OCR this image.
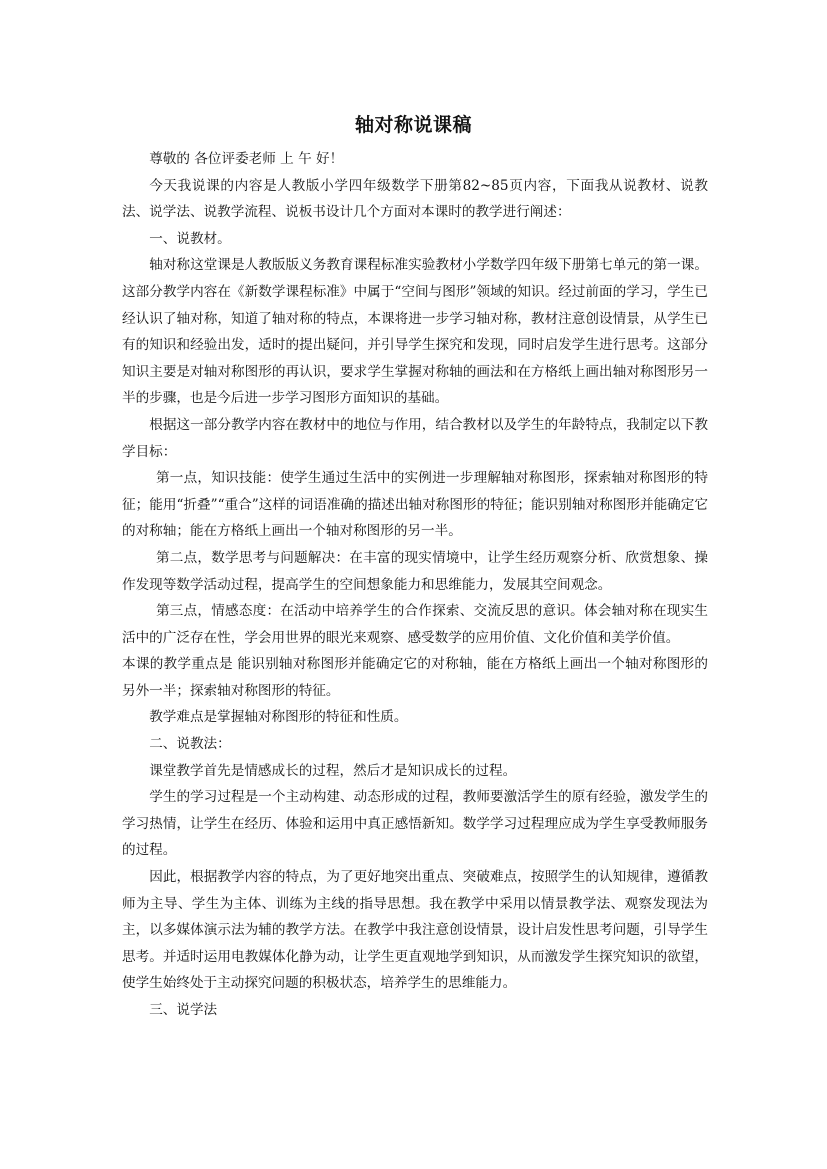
轴对称说课稿

尊敬的 各位评委老师 上 午 好！

今天我说课的内容是人教版小学四年级数学下册第82~85页内容，下面我从说教材、说教法、说学法、说教学流程、说板书设计几个方面对本课时的教学进行阐述：

一、说教材。

轴对称这堂课是人教版版义务教育课程标准实验教材小学数学四年级下册第七单元的第一课。这部分教学内容在《新数学课程标准》中属于“空间与图形”领域的知识。经过前面的学习，学生已经认识了轴对称，知道了轴对称的特点，本课将进一步学习轴对称，教材注意创设情景，从学生已有的知识和经验出发，适时的提出疑问，并引导学生探究和发现，同时启发学生进行思考。这部分知识主要是对轴对称图形的再认识，要求学生掌握对称轴的画法和在方格纸上画出轴对称图形另一半的步骤，也是今后进一步学习图形方面知识的基础。

根据这一部分教学内容在教材中的地位与作用，结合教材以及学生的年龄特点，我制定以下教学目标：

第一点，知识技能：使学生通过生活中的实例进一步理解轴对称图形，探索轴对称图形的特征；能用“折叠”“重合”这样的词语准确的描述出轴对称图形的特征；能识别轴对称图形并能确定它的对称轴；能在方格纸上画出一个轴对称图形的另一半。

第二点，数学思考与问题解决：在丰富的现实情境中，让学生经历观察分析、欣赏想象、操作发现等数学活动过程，提高学生的空间想象能力和思维能力，发展其空间观念。

第三点，情感态度：在活动中培养学生的合作探索、交流反思的意识。体会轴对称在现实生活中的广泛存在性，学会用世界的眼光来观察、感受数学的应用价值、文化价值和美学价值。

本课的教学重点是 能识别轴对称图形并能确定它的对称轴，能在方格纸上画出一个轴对称图形的另外一半；探索轴对称图形的特征。

教学难点是掌握轴对称图形的特征和性质。

二、说教法：

课堂教学首先是情感成长的过程，然后才是知识成长的过程。

学生的学习过程是一个主动构建、动态形成的过程，教师要激活学生的原有经验，激发学生的学习热情，让学生在经历、体验和运用中真正感悟新知。数学学习过程理应成为学生享受教师服务的过程。

因此，根据教学内容的特点，为了更好地突出重点、突破难点，按照学生的认知规律，遵循教师为主导、学生为主体、训练为主线的指导思想。我在教学中采用以情景教学法、观察发现法为主，以多媒体演示法为辅的教学方法。在教学中我注意创设情景，设计启发性思考问题，引导学生思考。并适时运用电教媒体化静为动，让学生更直观地学到知识，从而激发学生探究知识的欲望，使学生始终处于主动探究问题的积极状态，培养学生的思维能力。

三、说学法
